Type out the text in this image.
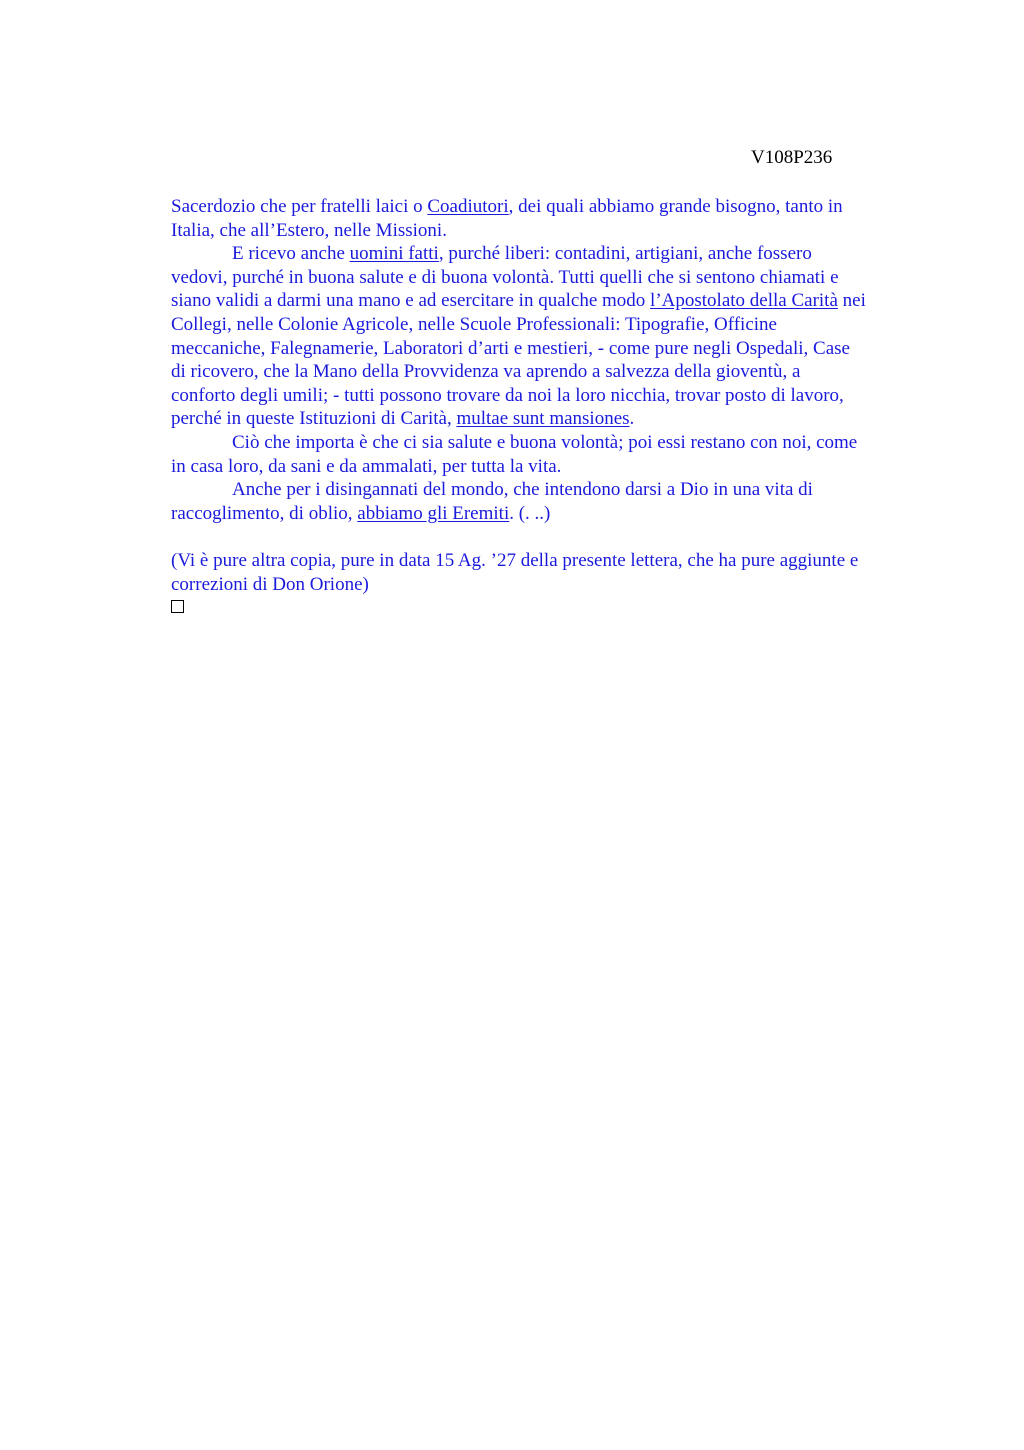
V108P236
Sacerdozio che per fratelli laici o Coadiutori, dei quali abbiamo grande bisogno, tanto in
Italia, che all’Estero, nelle Missioni.
E ricevo anche uomini fatti, purché liberi: contadini, artigiani, anche fossero
vedovi, purché in buona salute e di buona volontà. Tutti quelli che si sentono chiamati e
siano validi a darmi una mano e ad esercitare in qualche modo l’Apostolato della Carità nei
Collegi, nelle Colonie Agricole, nelle Scuole Professionali: Tipografie, Officine
meccaniche, Falegnamerie, Laboratori d’arti e mestieri, - come pure negli Ospedali, Case
di ricovero, che la Mano della Provvidenza va aprendo a salvezza della gioventù, a
conforto degli umili; - tutti possono trovare da noi la loro nicchia, trovar posto di lavoro,
perché in queste Istituzioni di Carità, multae sunt mansiones.
Ciò che importa è che ci sia salute e buona volontà; poi essi restano con noi, come
in casa loro, da sani e da ammalati, per tutta la vita.
Anche per i disingannati del mondo, che intendono darsi a Dio in una vita di
raccoglimento, di oblio, abbiamo gli Eremiti. (. ..)
(Vi è pure altra copia, pure in data 15 Ag. ’27 della presente lettera, che ha pure aggiunte e
correzioni di Don Orione)
